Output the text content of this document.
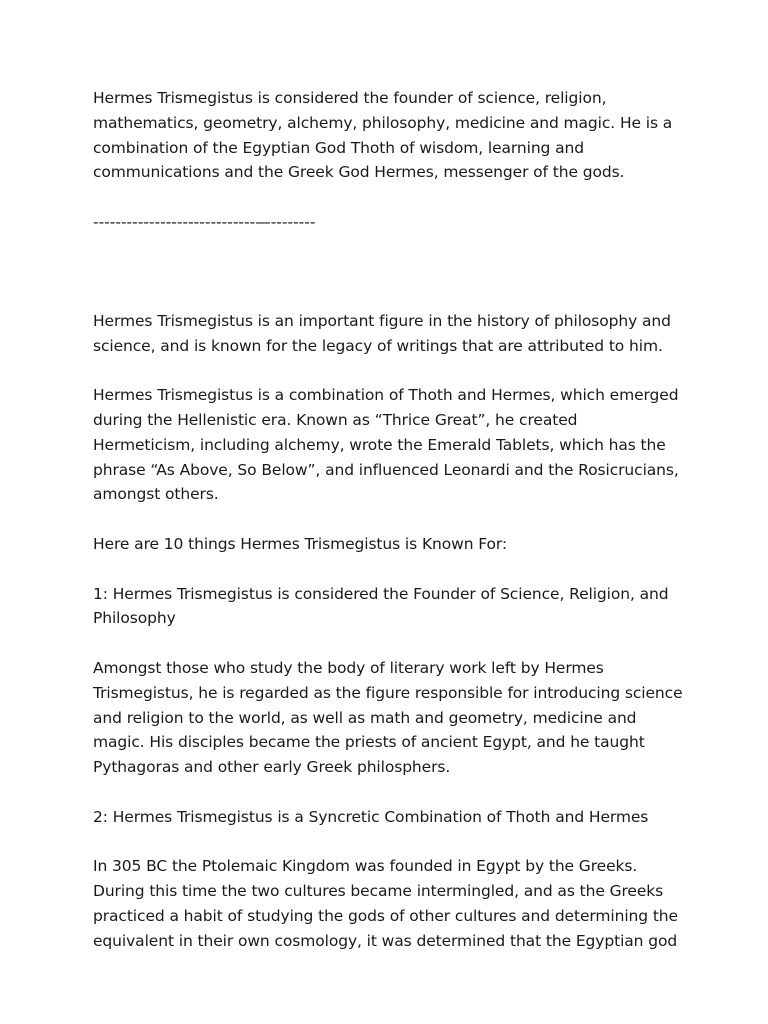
Hermes Trismegistus is considered the founder of science, religion, mathematics, geometry, alchemy, philosophy, medicine and magic. He is a combination of the Egyptian God Thoth of wisdom, learning and communications and the Greek God Hermes, messenger of the gods.

-----------------------------—--------

Hermes Trismegistus is an important figure in the history of philosophy and science, and is known for the legacy of writings that are attributed to him.

Hermes Trismegistus is a combination of Thoth and Hermes, which emerged during the Hellenistic era. Known as “Thrice Great”, he created Hermeticism, including alchemy, wrote the Emerald Tablets, which has the phrase “As Above, So Below”, and influenced Leonardi and the Rosicrucians, amongst others.

Here are 10 things Hermes Trismegistus is Known For:

1: Hermes Trismegistus is considered the Founder of Science, Religion, and Philosophy

Amongst those who study the body of literary work left by Hermes Trismegistus, he is regarded as the figure responsible for introducing science and religion to the world, as well as math and geometry, medicine and magic. His disciples became the priests of ancient Egypt, and he taught Pythagoras and other early Greek philosphers.

2: Hermes Trismegistus is a Syncretic Combination of Thoth and Hermes

In 305 BC the Ptolemaic Kingdom was founded in Egypt by the Greeks. During this time the two cultures became intermingled, and as the Greeks practiced a habit of studying the gods of other cultures and determining the equivalent in their own cosmology, it was determined that the Egyptian god
